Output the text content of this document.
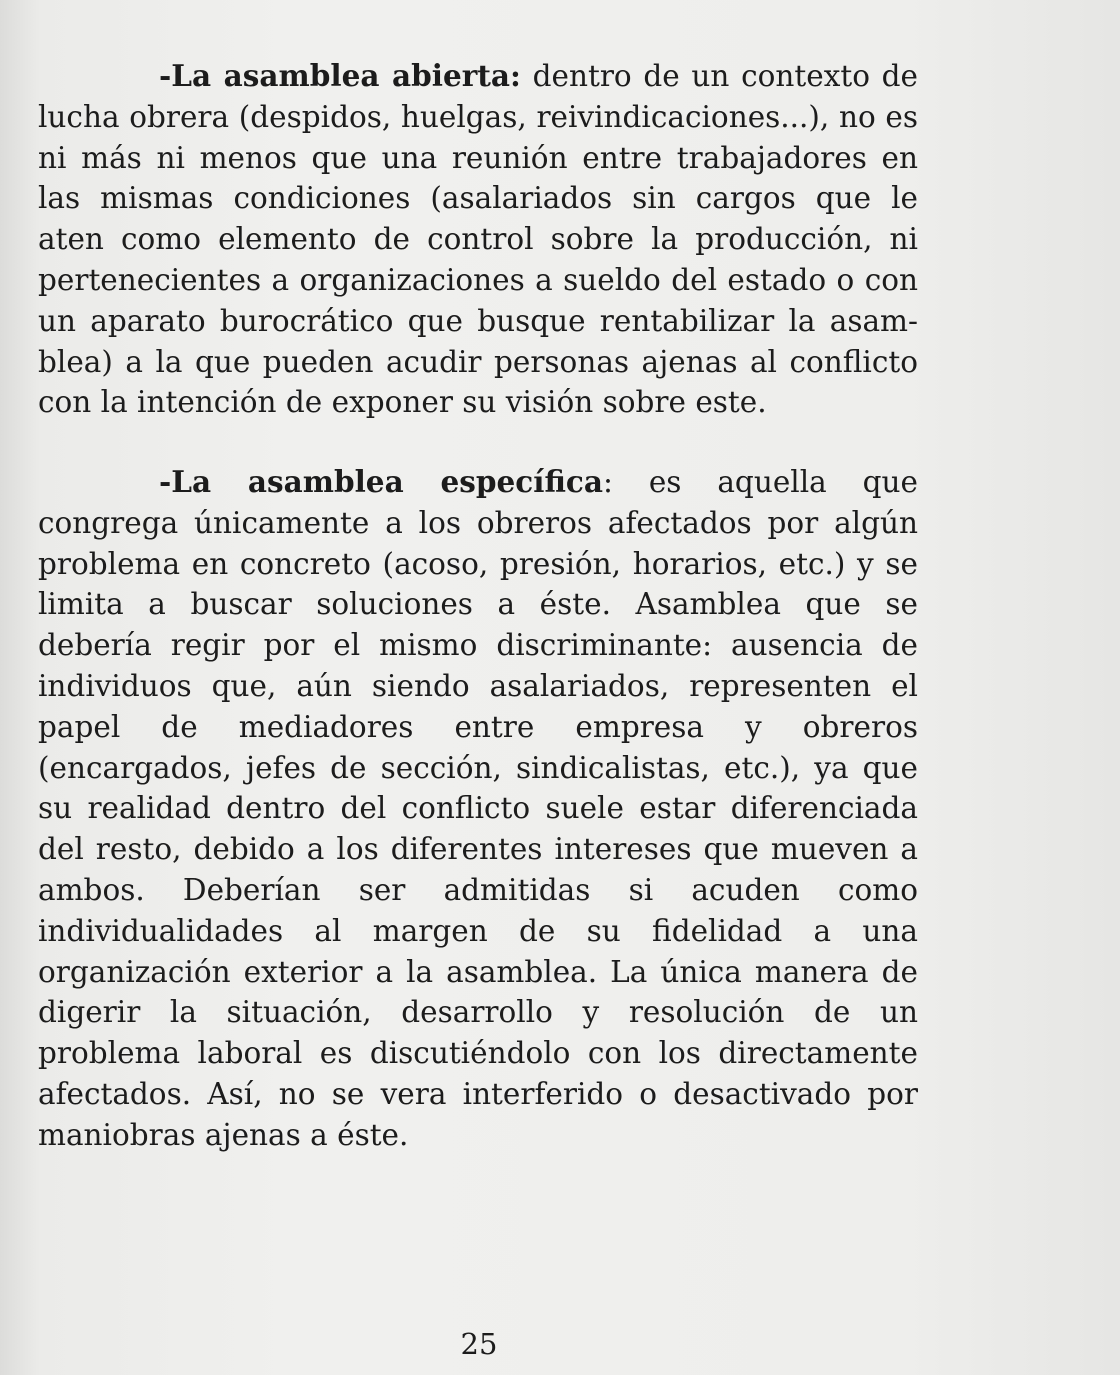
-La asamblea abierta: dentro de un contexto de lucha obrera (despidos, huelgas, reivindicaciones...), no es ni más ni menos que una reunión entre trabajadores en las mismas condiciones (asalariados sin cargos que le aten como elemento de control sobre la producción, ni pertenecientes a organizaciones a sueldo del estado o con un aparato burocrático que busque rentabilizar la asamblea) a la que pueden acudir personas ajenas al conflicto con la intención de exponer su visión sobre este.

-La asamblea específica: es aquella que congrega únicamente a los obreros afectados por algún problema en concreto (acoso, presión, horarios, etc.) y se limita a buscar soluciones a éste. Asamblea que se debería regir por el mismo discriminante: ausencia de individuos que, aún siendo asalariados, representen el papel de mediadores entre empresa y obreros (encargados, jefes de sección, sindicalistas, etc.), ya que su realidad dentro del conflicto suele estar diferenciada del resto, debido a los diferentes intereses que mueven a ambos. Deberían ser admitidas si acuden como individualidades al margen de su fidelidad a una organización exterior a la asamblea. La única manera de digerir la situación, desarrollo y resolución de un problema laboral es discutiéndolo con los directamente afectados. Así, no se vera interferido o desactivado por maniobras ajenas a éste.

25
